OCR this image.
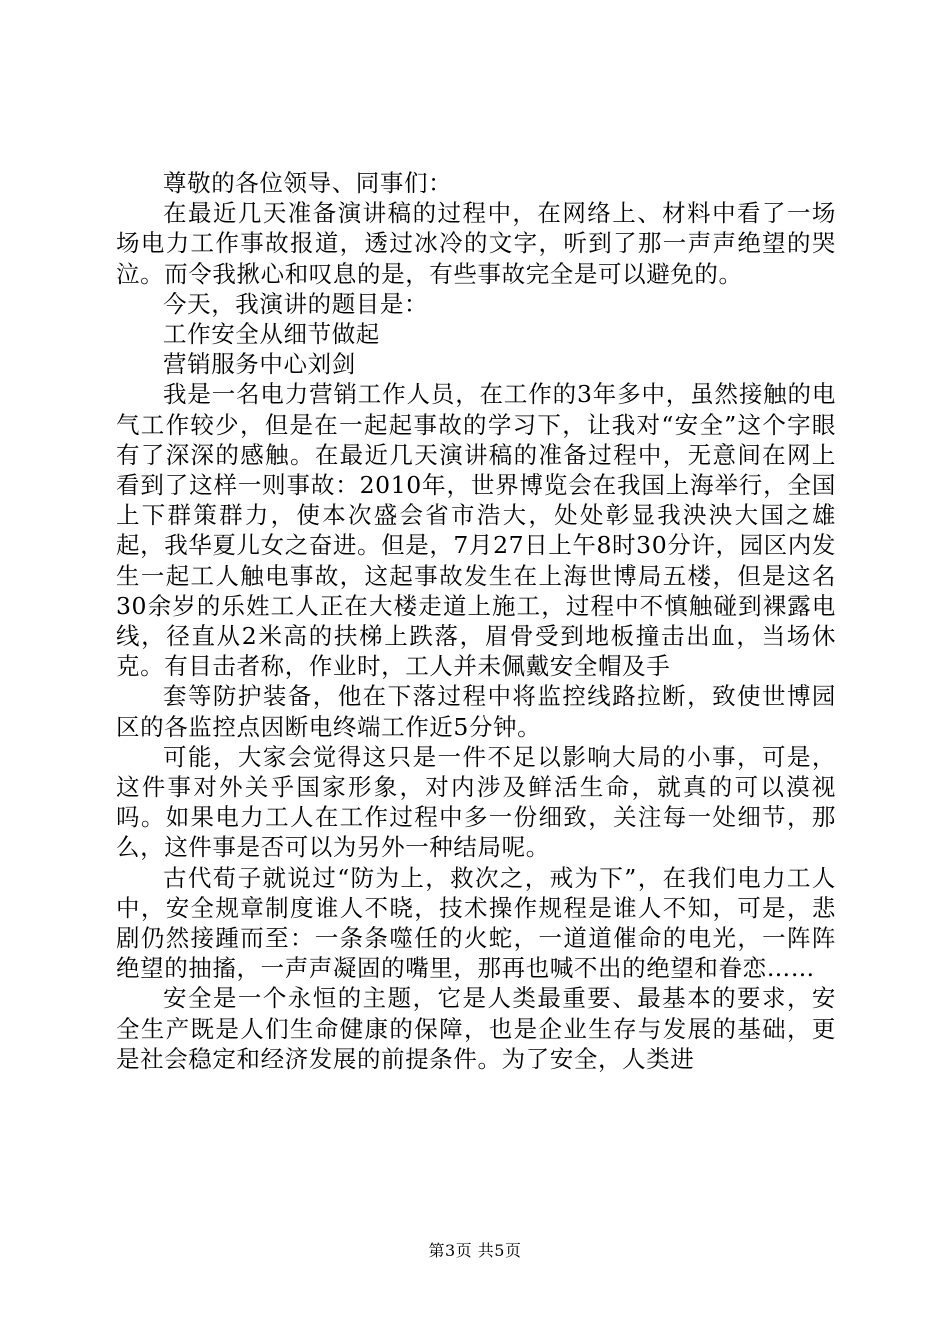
尊敬的各位领导、同事们：

在最近几天准备演讲稿的过程中，在网络上、材料中看了一场场电力工作事故报道，透过冰冷的文字，听到了那一声声绝望的哭泣。而令我揪心和叹息的是，有些事故完全是可以避免的。

今天，我演讲的题目是：

工作安全从细节做起

营销服务中心刘剑

我是一名电力营销工作人员，在工作的3年多中，虽然接触的电气工作较少，但是在一起起事故的学习下，让我对“安全”这个字眼有了深深的感触。在最近几天演讲稿的准备过程中，无意间在网上看到了这样一则事故：2010年，世界博览会在我国上海举行，全国上下群策群力，使本次盛会省市浩大，处处彰显我泱泱大国之雄起，我华夏儿女之奋进。但是，7月27日上午8时30分许，园区内发生一起工人触电事故，这起事故发生在上海世博局五楼，但是这名30余岁的乐姓工人正在大楼走道上施工，过程中不慎触碰到裸露电线，径直从2米高的扶梯上跌落，眉骨受到地板撞击出血，当场休克。有目击者称，作业时，工人并未佩戴安全帽及手

套等防护装备，他在下落过程中将监控线路拉断，致使世博园区的各监控点因断电终端工作近5分钟。

可能，大家会觉得这只是一件不足以影响大局的小事，可是，这件事对外关乎国家形象，对内涉及鲜活生命，就真的可以漠视吗。如果电力工人在工作过程中多一份细致，关注每一处细节，那么，这件事是否可以为另外一种结局呢。

古代荀子就说过“防为上，救次之，戒为下”，在我们电力工人中，安全规章制度谁人不晓，技术操作规程是谁人不知，可是，悲剧仍然接踵而至：一条条噬任的火蛇，一道道催命的电光，一阵阵绝望的抽搐，一声声凝固的嘴里，那再也喊不出的绝望和眷恋……

安全是一个永恒的主题，它是人类最重要、最基本的要求，安全生产既是人们生命健康的保障，也是企业生存与发展的基础，更是社会稳定和经济发展的前提条件。为了安全，人类进

第3页 共5页
